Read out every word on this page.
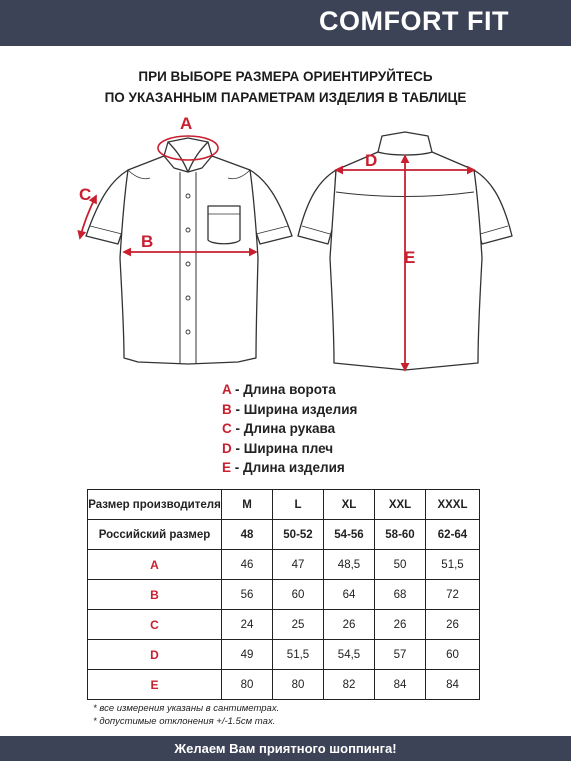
COMFORT FIT
ПРИ ВЫБОРЕ РАЗМЕРА ОРИЕНТИРУЙТЕСЬ
ПО УКАЗАННЫМ ПАРАМЕТРАМ ИЗДЕЛИЯ В ТАБЛИЦЕ
A
B
C
D
E
A - Длина ворота
B - Ширина изделия
C - Длина рукава
D - Ширина плеч
E - Длина изделия
Размер производителя	M	L	XL	XXL	XXXL
Российский размер	48	50-52	54-56	58-60	62-64
A	46	47	48,5	50	51,5
B	56	60	64	68	72
C	24	25	26	26	26
D	49	51,5	54,5	57	60
E	80	80	82	84	84
* все измерения указаны в сантиметрах.
* допустимые отклонения +/-1.5см max.
Желаем Вам приятного шоппинга!
